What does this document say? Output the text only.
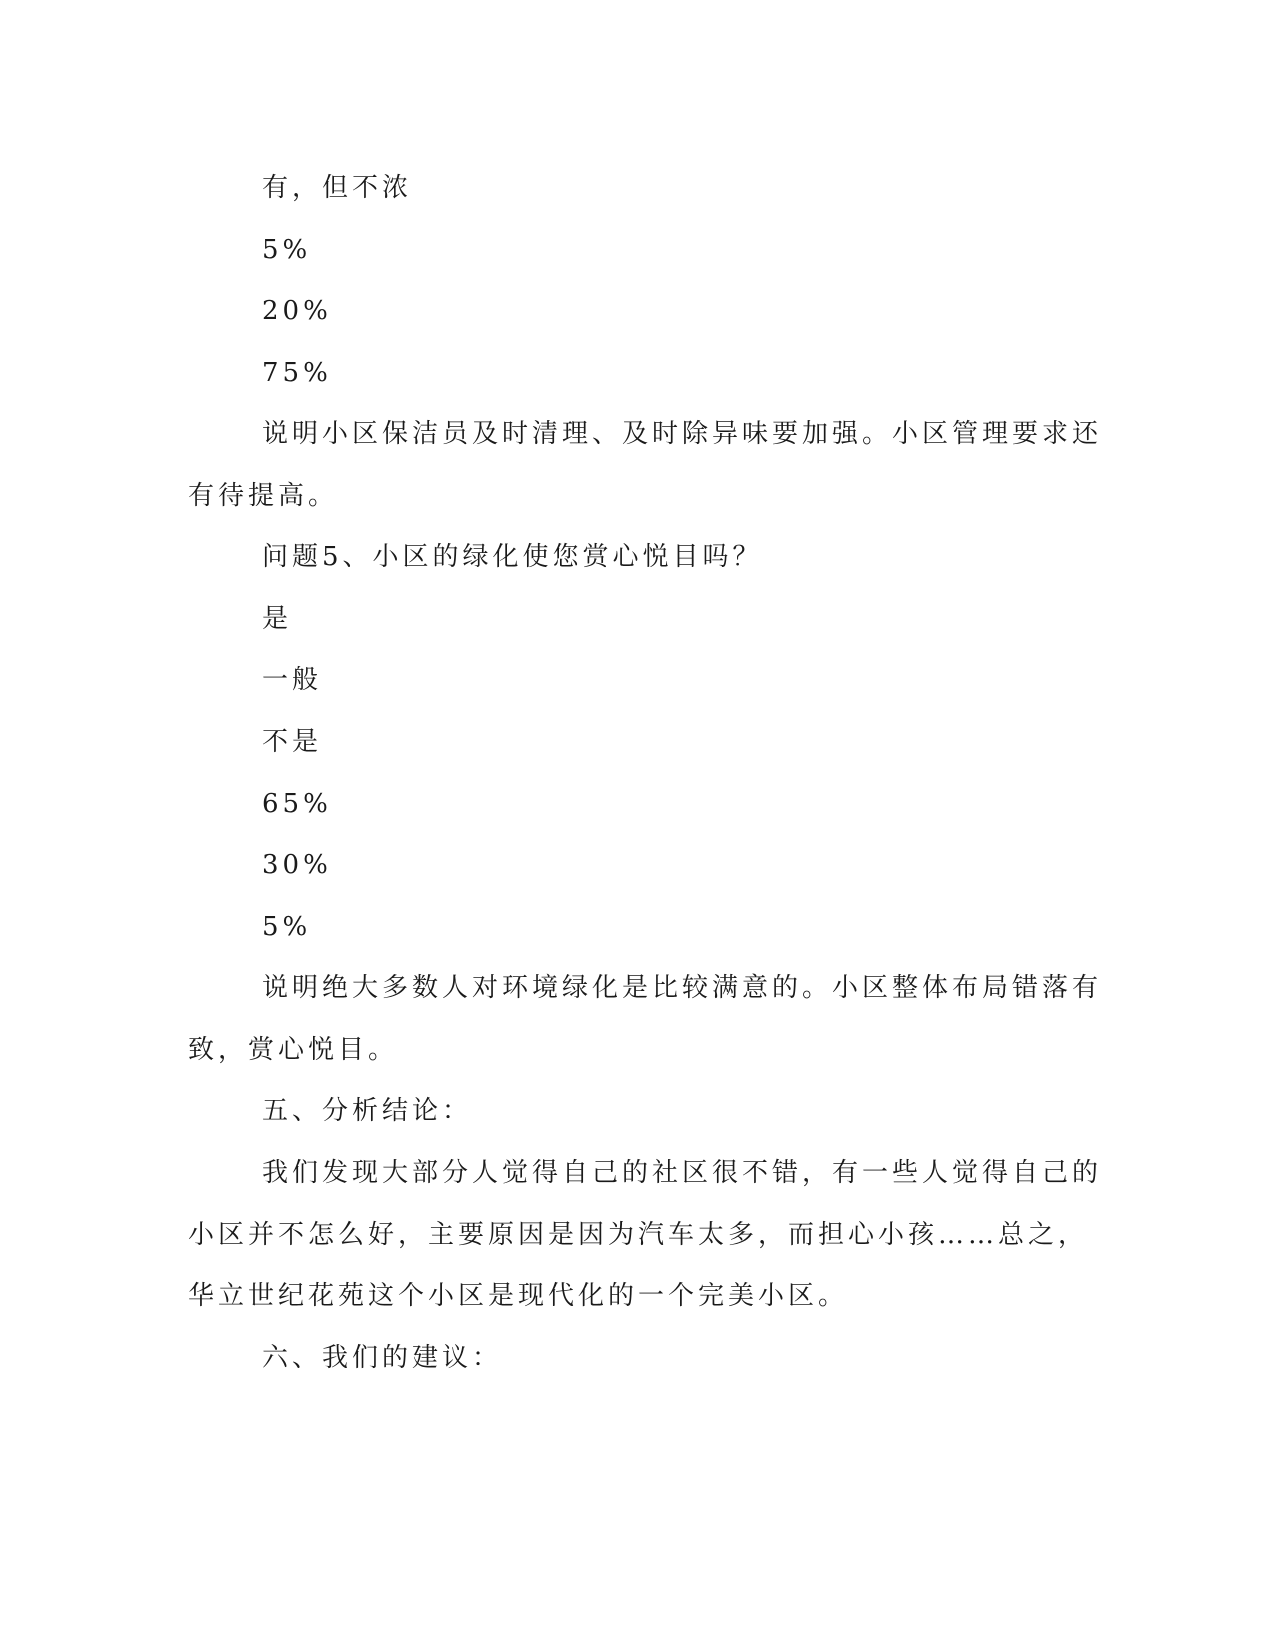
有，但不浓
5%
20%
75%
说明小区保洁员及时清理、及时除异味要加强。小区管理要求还
有待提高。
问题5、小区的绿化使您赏心悦目吗？
是
一般
不是
65%
30%
5%
说明绝大多数人对环境绿化是比较满意的。小区整体布局错落有
致，赏心悦目。
五、分析结论：
我们发现大部分人觉得自己的社区很不错，有一些人觉得自己的
小区并不怎么好，主要原因是因为汽车太多，而担心小孩……总之，
华立世纪花苑这个小区是现代化的一个完美小区。
六、我们的建议：
